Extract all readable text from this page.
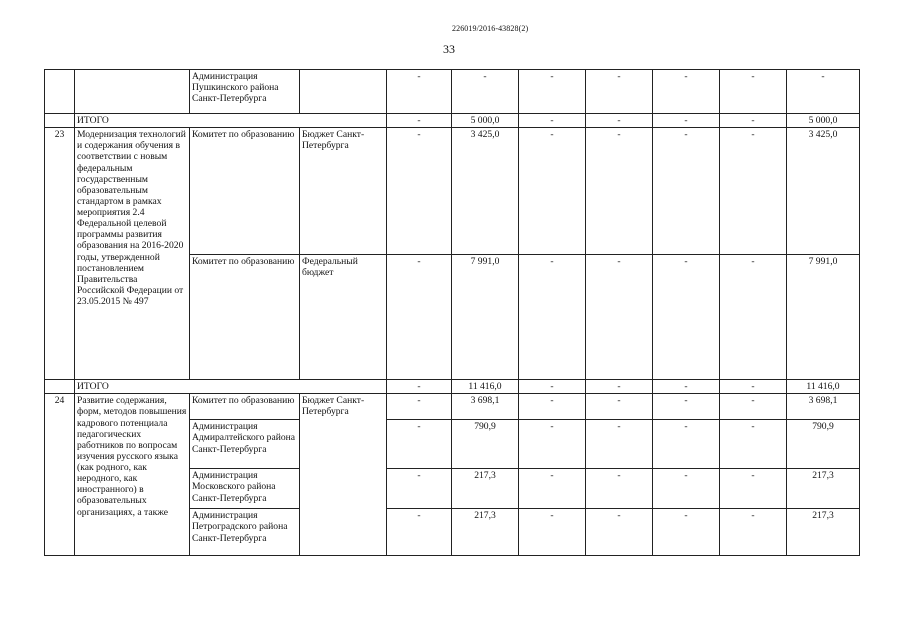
226019/2016-43828(2)
33
		Администрация Пушкинского района Санкт-Петербурга		-	-	-	-	-	-	-
	ИТОГО			-	5 000,0	-	-	-	-	5 000,0
23	Модернизация технологий и содержания обучения в соответствии с новым федеральным государственным образовательным стандартом в рамках мероприятия 2.4 Федеральной целевой программы развития образования на 2016-2020 годы, утвержденной постановлением Правительства Российской Федерации от 23.05.2015 № 497	Комитет по образованию	Бюджет Санкт-Петербурга	-	3 425,0	-	-	-	-	3 425,0
		Комитет по образованию	Федеральный бюджет	-	7 991,0	-	-	-	-	7 991,0
	ИТОГО			-	11 416,0	-	-	-	-	11 416,0
24	Развитие содержания, форм, методов повышения кадрового потенциала педагогических работников по вопросам изучения русского языка (как родного, как неродного, как иностранного) в образовательных организациях, а также	Комитет по образованию	Бюджет Санкт-Петербурга	-	3 698,1	-	-	-	-	3 698,1
		Администрация Адмиралтейского района Санкт-Петербурга		-	790,9	-	-	-	-	790,9
		Администрация Московского района Санкт-Петербурга		-	217,3	-	-	-	-	217,3
		Администрация Петроградского района Санкт-Петербурга		-	217,3	-	-	-	-	217,3
